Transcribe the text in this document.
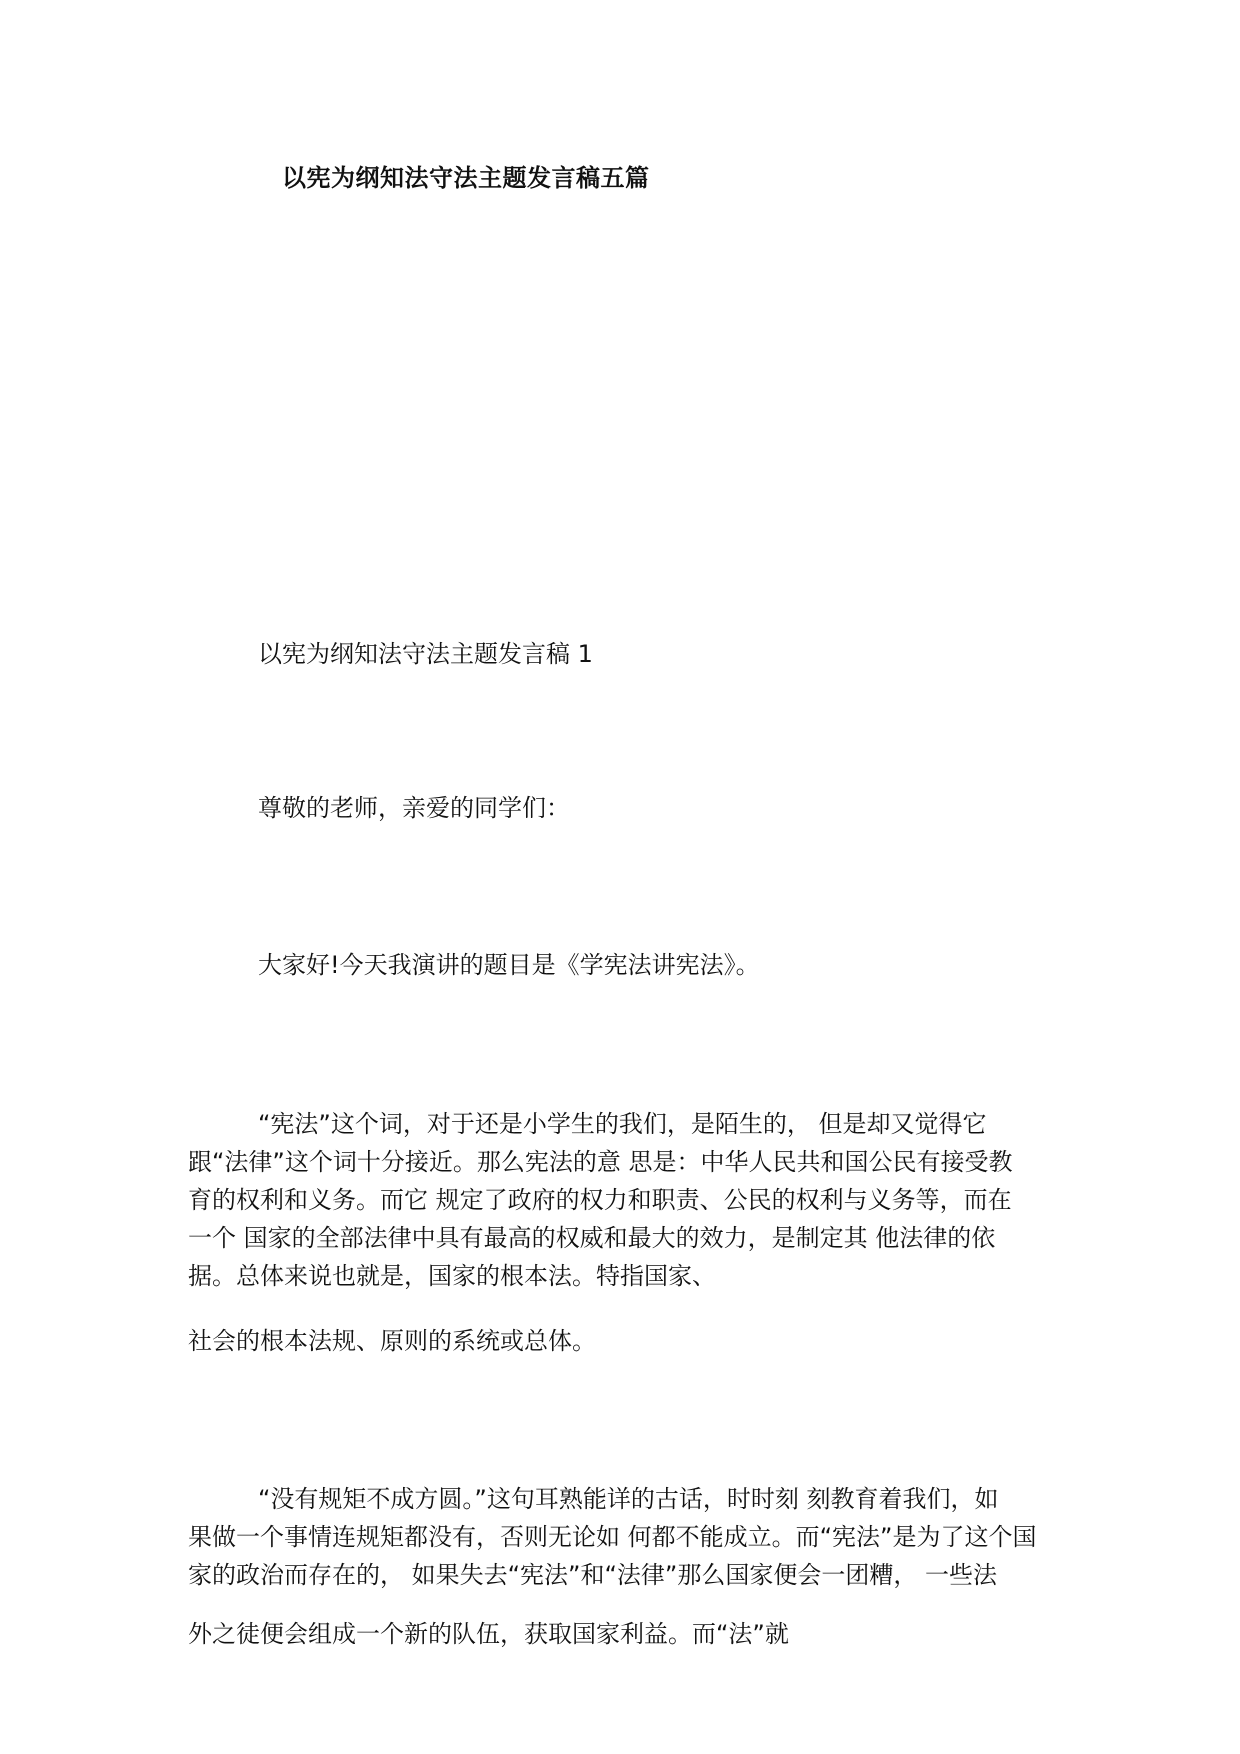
以宪为纲知法守法主题发言稿五篇
以宪为纲知法守法主题发言稿 1
尊敬的老师，亲爱的同学们：
大家好!今天我演讲的题目是《学宪法讲宪法》。
“宪法”这个词，对于还是小学生的我们，是陌生的， 但是却又觉得它
跟“法律”这个词十分接近。那么宪法的意 思是：中华人民共和国公民有接受教
育的权利和义务。而它 规定了政府的权力和职责、公民的权利与义务等，而在
一个 国家的全部法律中具有最高的权威和最大的效力，是制定其 他法律的依
据。总体来说也就是，国家的根本法。特指国家、
社会的根本法规、原则的系统或总体。
“没有规矩不成方圆。”这句耳熟能详的古话，时时刻 刻教育着我们，如
果做一个事情连规矩都没有，否则无论如 何都不能成立。而“宪法”是为了这个国
家的政治而存在的， 如果失去“宪法”和“法律”那么国家便会一团糟， 一些法
外之徒便会组成一个新的队伍，获取国家利益。而“法”就
